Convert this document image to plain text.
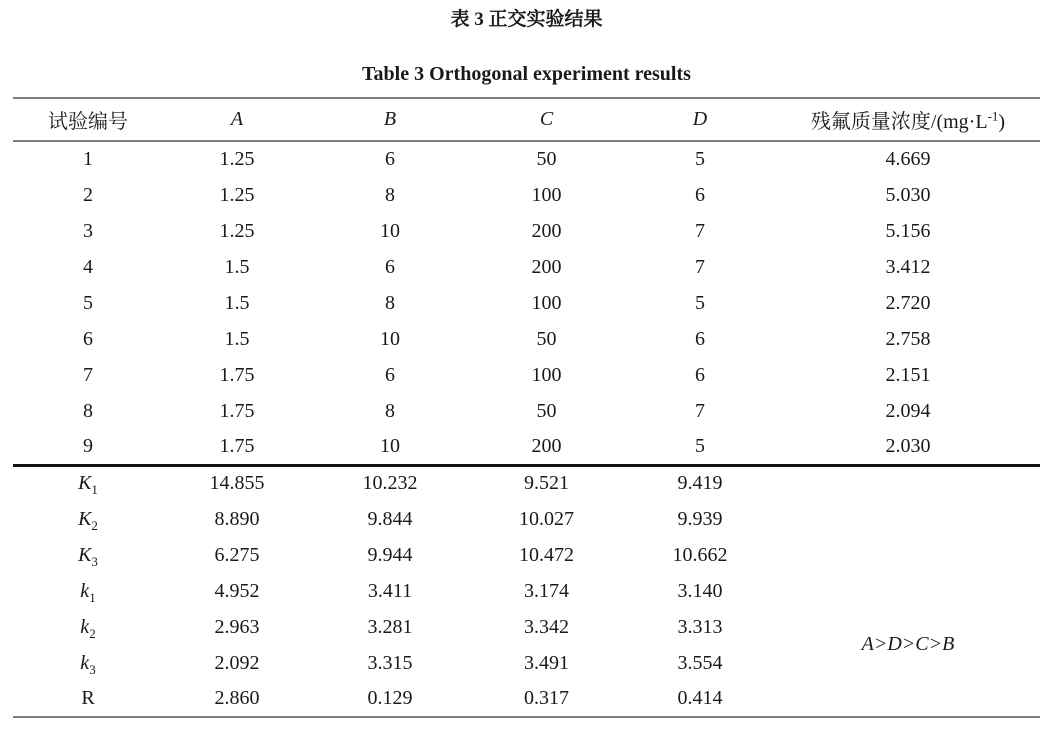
表 3 正交实验结果
Table 3 Orthogonal experiment results
试验编号	A	B	C	D	残氟质量浓度$/(mg\cdot L^{-1})$
1	1.25	6	50	5	4.669
2	1.25	8	100	6	5.030
3	1.25	10	200	7	5.156
4	1.5	6	200	7	3.412
5	1.5	8	100	5	2.720
6	1.5	10	50	6	2.758
7	1.75	6	100	6	2.151
8	1.75	8	50	7	2.094
9	1.75	10	200	5	2.030
$K_1$	14.855	10.232	9.521	9.419	
$K_2$	8.890	9.844	10.027	9.939	
$K_3$	6.275	9.944	10.472	10.662	
$k_1$	4.952	3.411	3.174	3.140	A>D>C>B
$k_2$	2.963	3.281	3.342	3.313	
$k_3$	2.092	3.315	3.491	3.554	
R	2.860	0.129	0.317	0.414	
